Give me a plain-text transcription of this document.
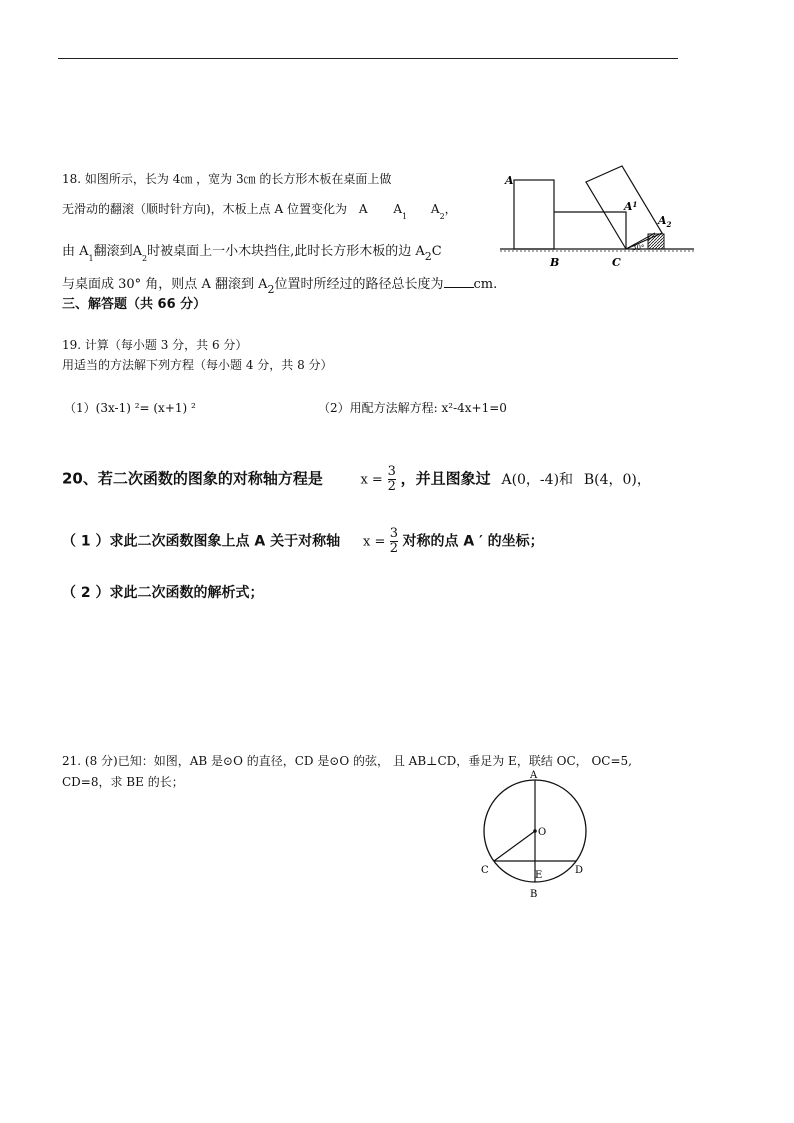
18. 如图所示，长为 4㎝ ，宽为 3㎝ 的长方形木板在桌面上做
无滑动的翻滚（顺时针方向)，木板上点 A 位置变化为 A $A_1$ $A_2$，
由 $A_1$翻滚到$A_2$时被桌面上一小木块挡住,此时长方形木板的边 $A_2C$
与桌面成 30° 角，则点 A 翻滚到 $A_2$位置时所经过的路径总长度为 cm.
A
$A^1$
$A_2$
B	C
30°
三、解答题（共 66 分）
19. 计算（每小题 3 分，共 6 分）
用适当的方法解下列方程（每小题 4 分，共 8 分）
（1）(3x-1) ²= (x+1) ²	（2）用配方法解方程: x²-4x+1=0
20、若二次函数的图象的对称轴方程是	$x = \frac{3}{2}$ ，并且图象过 A(0，-4)和 B(4，0)，
（ 1 ）求此二次函数图象上点 A 关于对称轴 $x = \frac{3}{2}$ 对称的点 A ′ 的坐标；
（ 2 ）求此二次函数的解析式；
21. (8 分)已知：如图，AB 是⊙O 的直径，CD 是⊙O 的弦， 且 AB⊥CD，垂足为 E，联结 OC， OC=5,
CD=8，求 BE 的长；	A
O
C	D
E
B
